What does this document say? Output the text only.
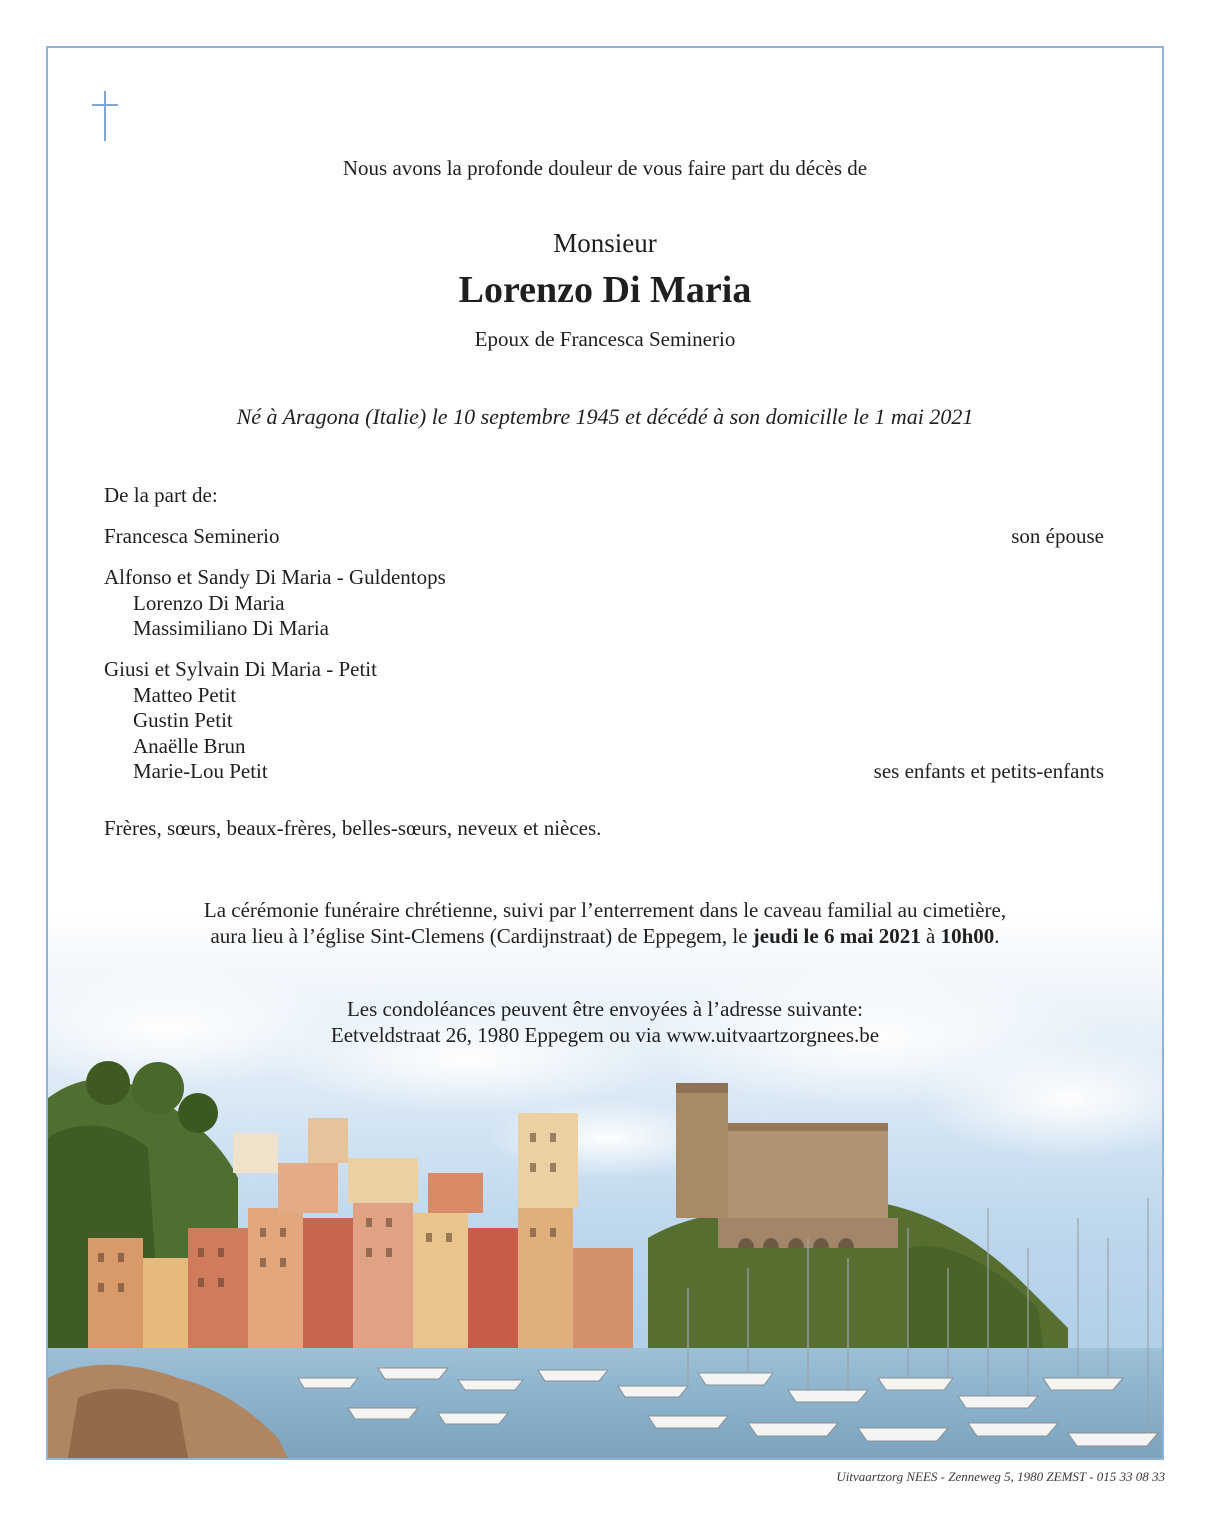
Nous avons la profonde douleur de vous faire part du décès de
Monsieur
Lorenzo Di Maria
Epoux de Francesca Seminerio
Né à Aragona (Italie) le 10 septembre 1945 et décédé à son domicille le 1 mai 2021
De la part de:
Francesca Seminerio	son épouse
Alfonso et Sandy Di Maria - Guldentops
Lorenzo Di Maria
Massimiliano Di Maria
Giusi et Sylvain Di Maria - Petit
Matteo Petit
Gustin Petit
Anaëlle Brun
Marie-Lou Petit	ses enfants et petits-enfants
Frères, sœurs, beaux-frères, belles-sœurs, neveux et nièces.
La cérémonie funéraire chrétienne, suivi par l’enterrement dans le caveau familial au cimetière,
aura lieu à l’église Sint-Clemens (Cardijnstraat) de Eppegem, le jeudi le 6 mai 2021 à 10h00.
Les condoléances peuvent être envoyées à l’adresse suivante:
Eetveldstraat 26, 1980 Eppegem ou via www.uitvaartzorgnees.be
Uitvaartzorg NEES - Zenneweg 5, 1980 ZEMST - 015 33 08 33
